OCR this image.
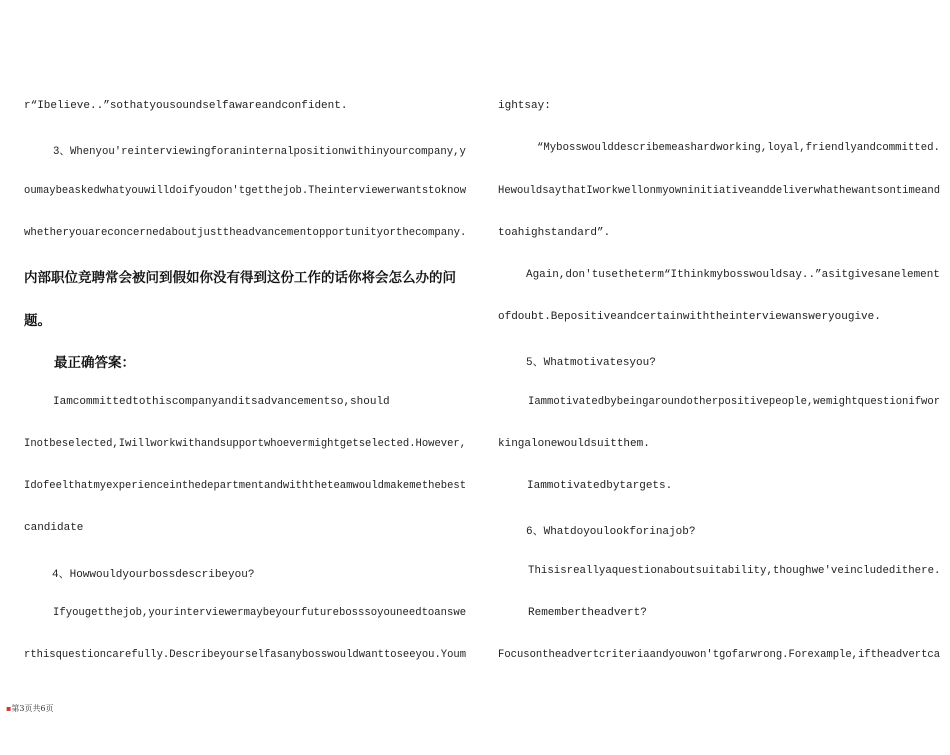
r“Ibelieve..”sothatyousoundselfawareandconfident.
3、Whenyou'reinterviewingforaninternalpositionwithinyourcompany,y
oumaybeaskedwhatyouwilldoifyoudon'tgetthejob.Theinterviewerwantstoknow
whetheryouareconcernedaboutjusttheadvancementopportunityorthecompany.
内部职位竞聘常会被问到假如你没有得到这份工作的话你将会怎么办的问
题。
最正确答案：
Iamcommittedtothiscompanyanditsadvancementso,should
Inotbeselected,Iwillworkwithandsupportwhoevermightgetselected.However,
Idofeelthatmyexperienceinthedepartmentandwiththeteamwouldmakemethebest
candidate
4、Howwouldyourbossdescribeyou?
Ifyougetthejob,yourinterviewermaybeyourfuturebosssoyouneedtoanswe
rthisquestioncarefully.Describeyourselfasanybosswouldwanttoseeyou.Youm
ightsay:
“Mybosswoulddescribemeashardworking,loyal,friendlyandcommitted.
HewouldsaythatIworkwellonmyowninitiativeanddeliverwhathewantsontimeand
toahighstandard”.
Again,don'tusetheterm“Ithinkmybosswouldsay..”asitgivesanelement
ofdoubt.Bepositiveandcertainwiththeinterviewansweryougive.
5、Whatmotivatesyou?
Iammotivatedbybeingaroundotherpositivepeople,wemightquestionifwor
kingalonewouldsuitthem.
Iammotivatedbytargets.
6、Whatdoyoulookforinajob?
Thisisreallyaquestionaboutsuitability,thoughwe'veincludedithere.
Remembertheadvert?
Focusontheadvertcriteriaandyouwon'tgofarwrong.Forexample,iftheadvertca
▪第3页共6页
